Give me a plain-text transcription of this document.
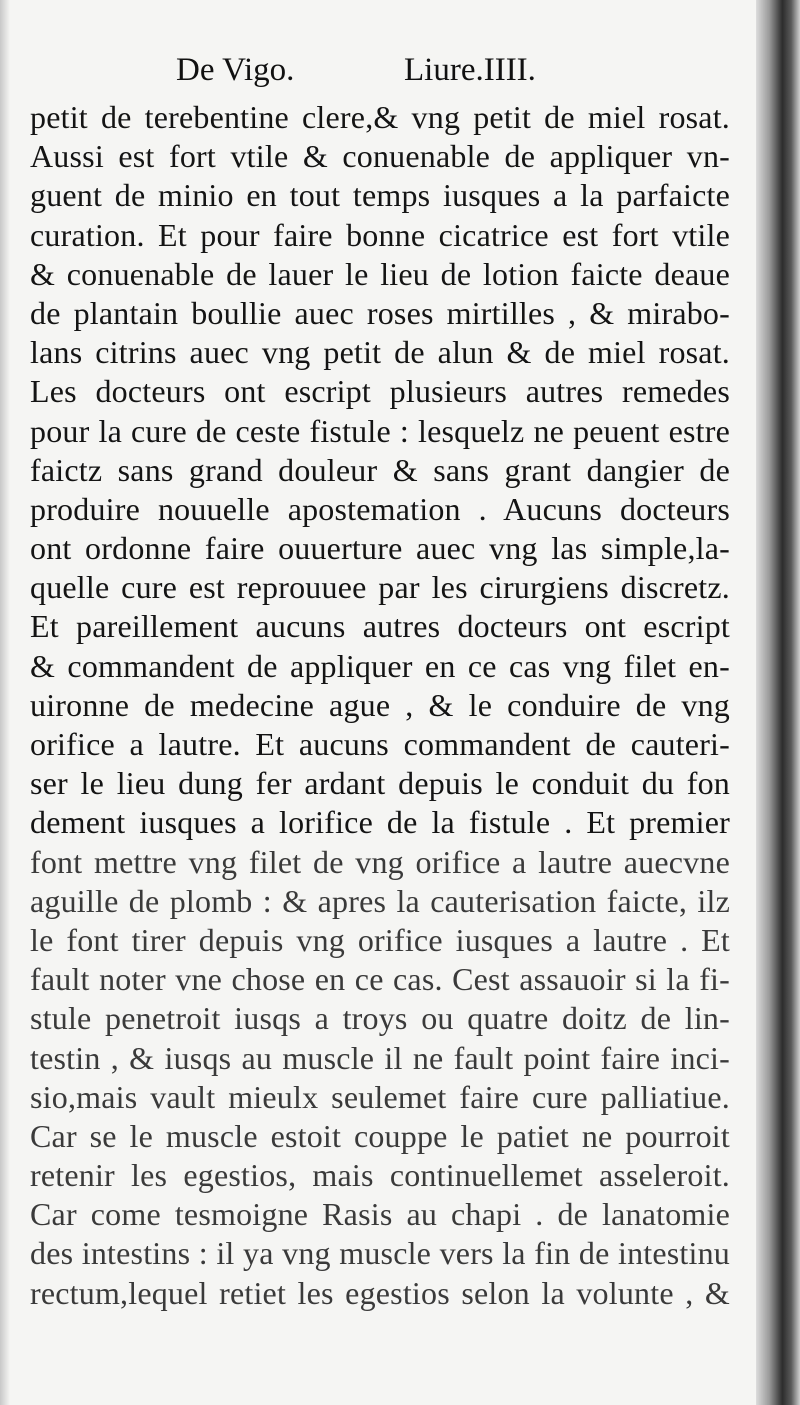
De Vigo.	Liure.IIII.
petit de terebentine clere,& vng petit de miel rosat.
Aussi est fort vtile & conuenable de appliquer vn-
guent de minio en tout temps iusques a la parfaicte
curation. Et pour faire bonne cicatrice est fort vtile
& conuenable de lauer le lieu de lotion faicte deaue
de plantain boullie auec roses mirtilles , & mirabo-
lans citrins auec vng petit de alun & de miel rosat.
Les docteurs ont escript plusieurs autres remedes
pour la cure de ceste fistule : lesquelz ne peuent estre
faictz sans grand douleur & sans grant dangier de
produire nouuelle apostemation . Aucuns docteurs
ont ordonne faire ouuerture auec vng las simple,la-
quelle cure est reprouuee par les cirurgiens discretz.
Et pareillement aucuns autres docteurs ont escript
& commandent de appliquer en ce cas vng filet en-
uironne de medecine ague , & le conduire de vng
orifice a lautre. Et aucuns commandent de cauteri-
ser le lieu dung fer ardant depuis le conduit du fon
dement iusques a lorifice de la fistule . Et premier
font mettre vng filet de vng orifice a lautre auecvne
aguille de plomb : & apres la cauterisation faicte, ilz
le font tirer depuis vng orifice iusques a lautre . Et
fault noter vne chose en ce cas. Cest assauoir si la fi-
stule penetroit iusqs a troys ou quatre doitz de lin-
testin , & iusqs au muscle il ne fault point faire inci-
sio,mais vault mieulx seulemet faire cure palliatiue.
Car se le muscle estoit couppe le patiet ne pourroit
retenir les egestios, mais continuellemet asseleroit.
Car come tesmoigne Rasis au chapi . de lanatomie
des intestins : il ya vng muscle vers la fin de intestinu
rectum,lequel retiet les egestios selon la volunte , &
